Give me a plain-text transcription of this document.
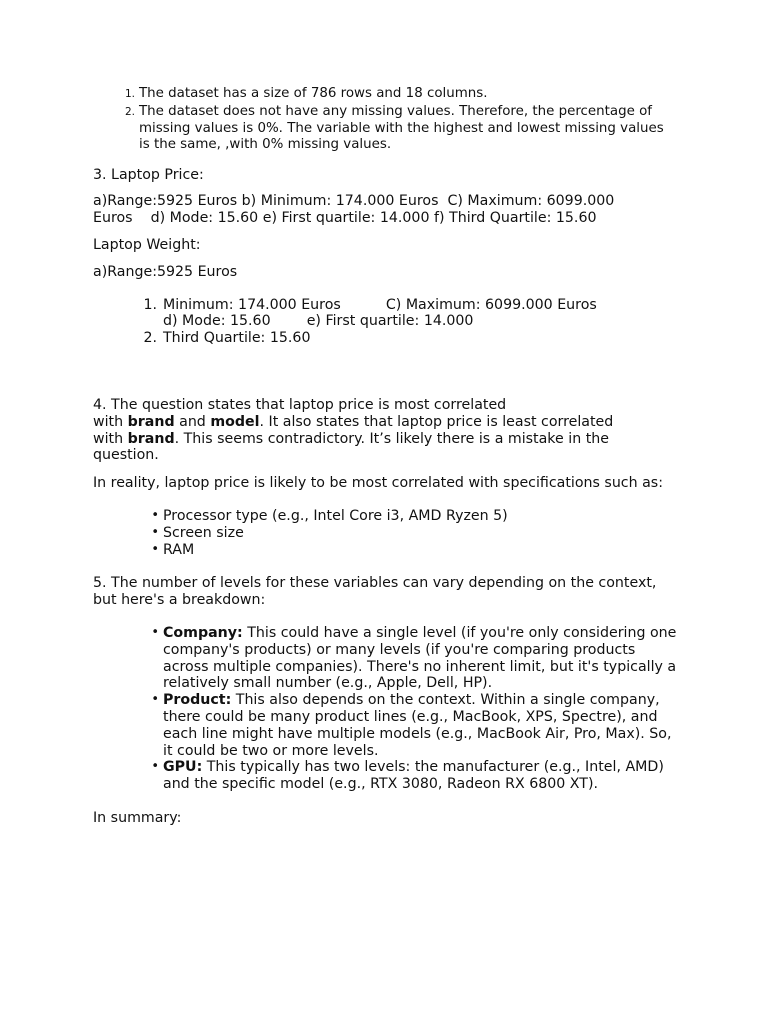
1. The dataset has a size of 786 rows and 18 columns.
2. The dataset does not have any missing values. Therefore, the percentage of missing values is 0%. The variable with the highest and lowest missing values is the same, ,with 0% missing values.

3. Laptop Price:

a)Range:5925 Euros b) Minimum: 174.000 Euros  C) Maximum: 6099.000
Euros    d) Mode: 15.60 e) First quartile: 14.000 f) Third Quartile: 15.60

Laptop Weight:

a)Range:5925 Euros

1. Minimum: 174.000 Euros          C) Maximum: 6099.000 Euros
d) Mode: 15.60        e) First quartile: 14.000
2. Third Quartile: 15.60

4. The question states that laptop price is most correlated
with brand and model. It also states that laptop price is least correlated with brand. This seems contradictory. It’s likely there is a mistake in the question.

In reality, laptop price is likely to be most correlated with specifications such as:

• Processor type (e.g., Intel Core i3, AMD Ryzen 5)
• Screen size
• RAM

5. The number of levels for these variables can vary depending on the context, but here's a breakdown:

• Company: This could have a single level (if you're only considering one company's products) or many levels (if you're comparing products across multiple companies). There's no inherent limit, but it's typically a relatively small number (e.g., Apple, Dell, HP).
• Product: This also depends on the context. Within a single company, there could be many product lines (e.g., MacBook, XPS, Spectre), and each line might have multiple models (e.g., MacBook Air, Pro, Max). So, it could be two or more levels.
• GPU: This typically has two levels: the manufacturer (e.g., Intel, AMD) and the specific model (e.g., RTX 3080, Radeon RX 6800 XT).

In summary:
